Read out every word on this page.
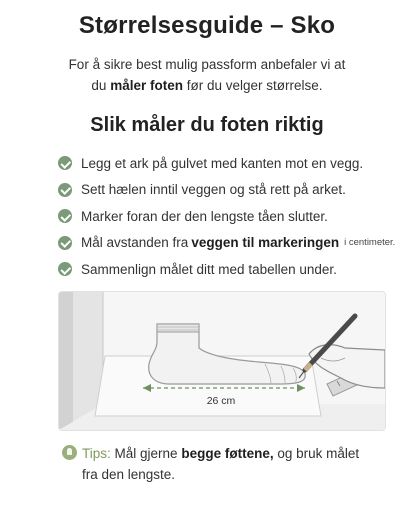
Størrelsesguide – Sko
For å sikre best mulig passform anbefaler vi at
du måler foten før du velger størrelse.
Slik måler du foten riktig
Legg et ark på gulvet med kanten mot en vegg.
Sett hælen inntil veggen og stå rett på arket.
Marker foran der den lengste tåen slutter.
Mål avstanden fra veggen til markeringen i centimeter.
Sammenlign målet ditt med tabellen under.
26 cm
Tips: Mål gjerne begge føttene, og bruk målet
fra den lengste.
